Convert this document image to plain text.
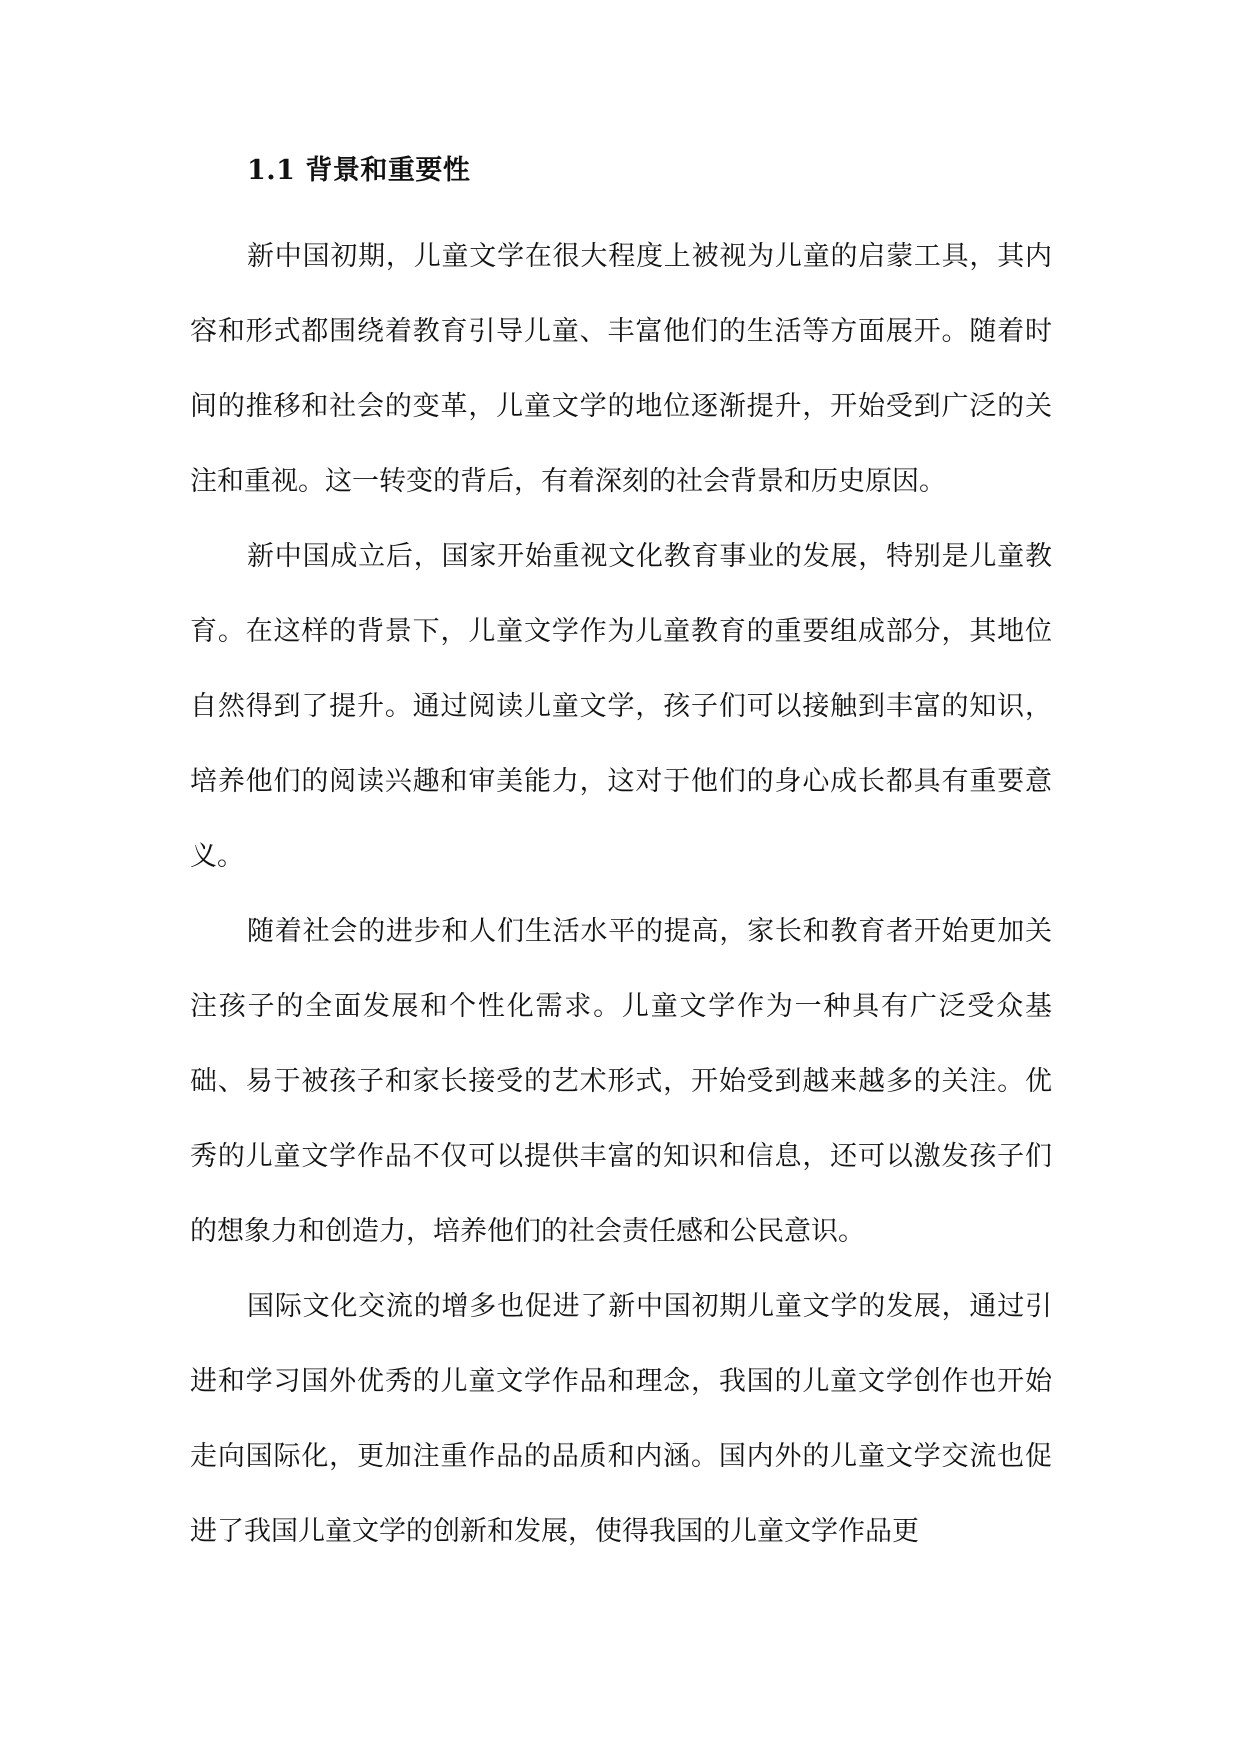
1.1 背景和重要性

新中国初期，儿童文学在很大程度上被视为儿童的启蒙工具，其内容和形式都围绕着教育引导儿童、丰富他们的生活等方面展开。随着时间的推移和社会的变革，儿童文学的地位逐渐提升，开始受到广泛的关注和重视。这一转变的背后，有着深刻的社会背景和历史原因。

新中国成立后，国家开始重视文化教育事业的发展，特别是儿童教育。在这样的背景下，儿童文学作为儿童教育的重要组成部分，其地位自然得到了提升。通过阅读儿童文学，孩子们可以接触到丰富的知识，培养他们的阅读兴趣和审美能力，这对于他们的身心成长都具有重要意义。

随着社会的进步和人们生活水平的提高，家长和教育者开始更加关注孩子的全面发展和个性化需求。儿童文学作为一种具有广泛受众基础、易于被孩子和家长接受的艺术形式，开始受到越来越多的关注。优秀的儿童文学作品不仅可以提供丰富的知识和信息，还可以激发孩子们的想象力和创造力，培养他们的社会责任感和公民意识。

国际文化交流的增多也促进了新中国初期儿童文学的发展，通过引进和学习国外优秀的儿童文学作品和理念，我国的儿童文学创作也开始走向国际化，更加注重作品的品质和内涵。国内外的儿童文学交流也促进了我国儿童文学的创新和发展，使得我国的儿童文学作品更
